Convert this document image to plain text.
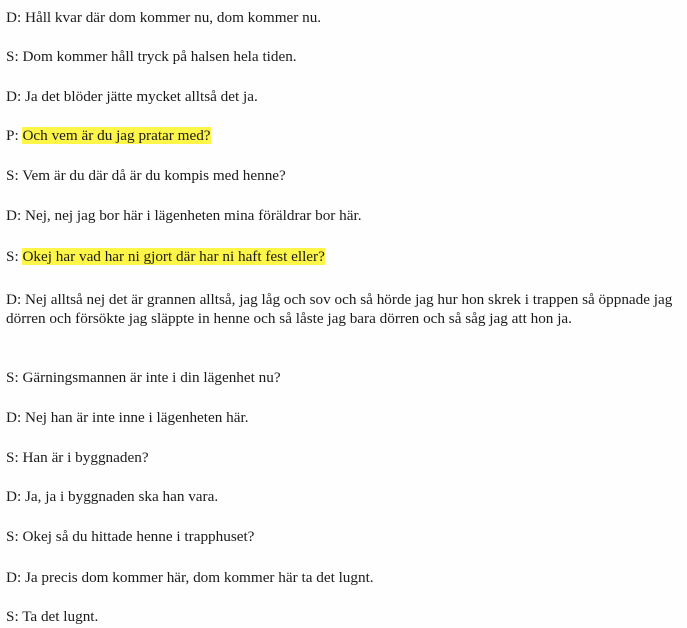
D: Håll kvar där dom kommer nu, dom kommer nu.
S: Dom kommer håll tryck på halsen hela tiden.
D: Ja det blöder jätte mycket alltså det ja.
P: Och vem är du jag pratar med?
S: Vem är du där då är du kompis med henne?
D: Nej, nej jag bor här i lägenheten mina föräldrar bor här.
S: Okej har vad har ni gjort där har ni haft fest eller?
D: Nej alltså nej det är grannen alltså, jag låg och sov och så hörde jag hur hon skrek i trappen så öppnade jag dörren och försökte jag släppte in henne och så låste jag bara dörren och så såg jag att hon ja.
S: Gärningsmannen är inte i din lägenhet nu?
D: Nej han är inte inne i lägenheten här.
S: Han är i byggnaden?
D: Ja, ja i byggnaden ska han vara.
S: Okej så du hittade henne i trapphuset?
D: Ja precis dom kommer här, dom kommer här ta det lugnt.
S: Ta det lugnt.
